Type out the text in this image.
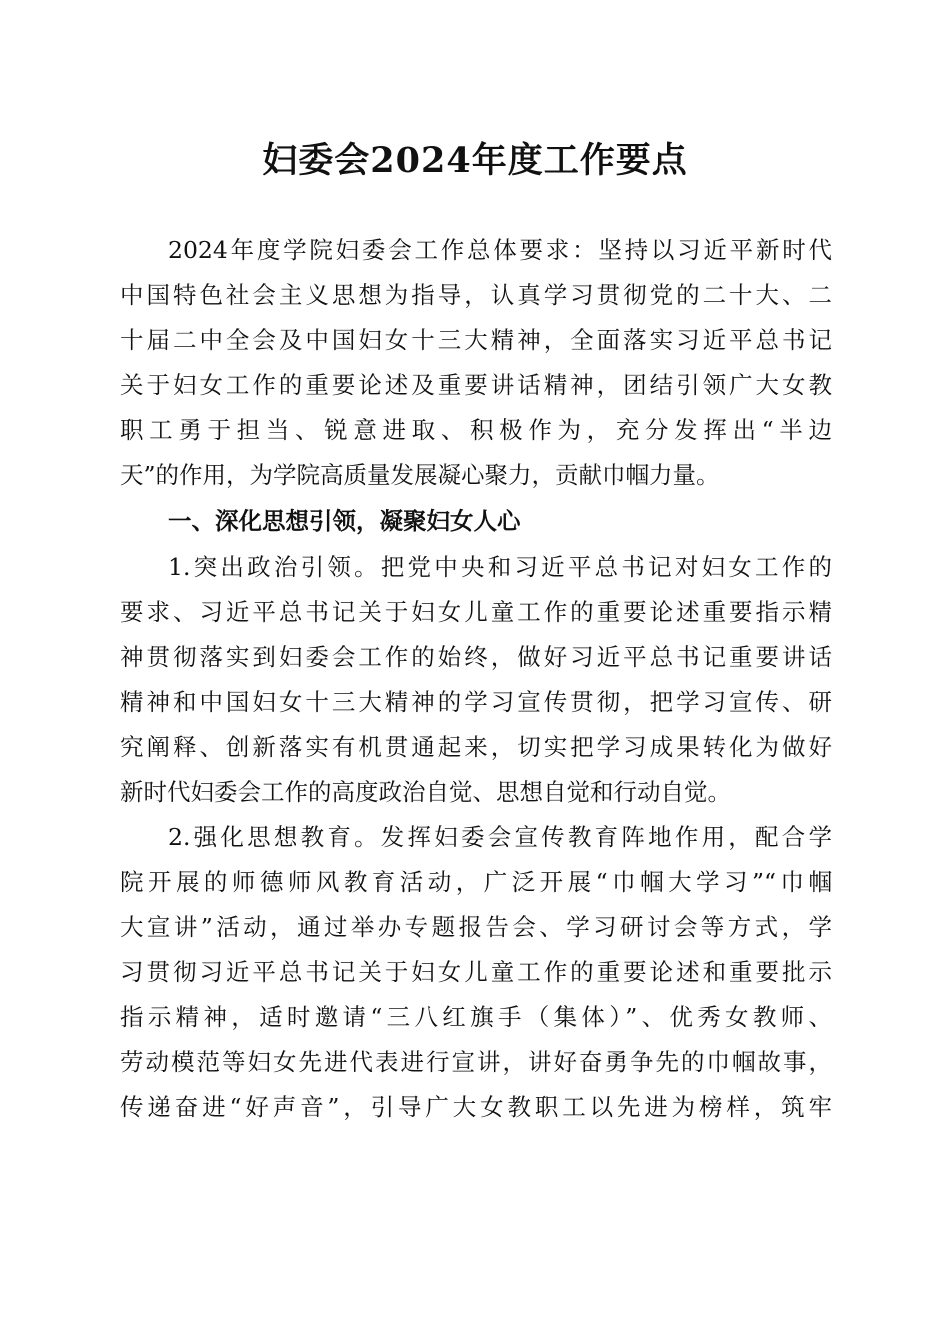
妇委会2024年度工作要点
2024年度学院妇委会工作总体要求：坚持以习近平新时代
中国特色社会主义思想为指导，认真学习贯彻党的二十大、二
十届二中全会及中国妇女十三大精神，全面落实习近平总书记
关于妇女工作的重要论述及重要讲话精神，团结引领广大女教
职工勇于担当、锐意进取、积极作为，充分发挥出“半边
天”的作用，为学院高质量发展凝心聚力，贡献巾帼力量。
一、深化思想引领，凝聚妇女人心
1.突出政治引领。把党中央和习近平总书记对妇女工作的
要求、习近平总书记关于妇女儿童工作的重要论述重要指示精
神贯彻落实到妇委会工作的始终，做好习近平总书记重要讲话
精神和中国妇女十三大精神的学习宣传贯彻，把学习宣传、研
究阐释、创新落实有机贯通起来，切实把学习成果转化为做好
新时代妇委会工作的高度政治自觉、思想自觉和行动自觉。
2.强化思想教育。发挥妇委会宣传教育阵地作用，配合学
院开展的师德师风教育活动，广泛开展“巾帼大学习”“巾帼
大宣讲”活动，通过举办专题报告会、学习研讨会等方式，学
习贯彻习近平总书记关于妇女儿童工作的重要论述和重要批示
指示精神，适时邀请“三八红旗手（集体）”、优秀女教师、
劳动模范等妇女先进代表进行宣讲，讲好奋勇争先的巾帼故事，
传递奋进“好声音”，引导广大女教职工以先进为榜样，筑牢
